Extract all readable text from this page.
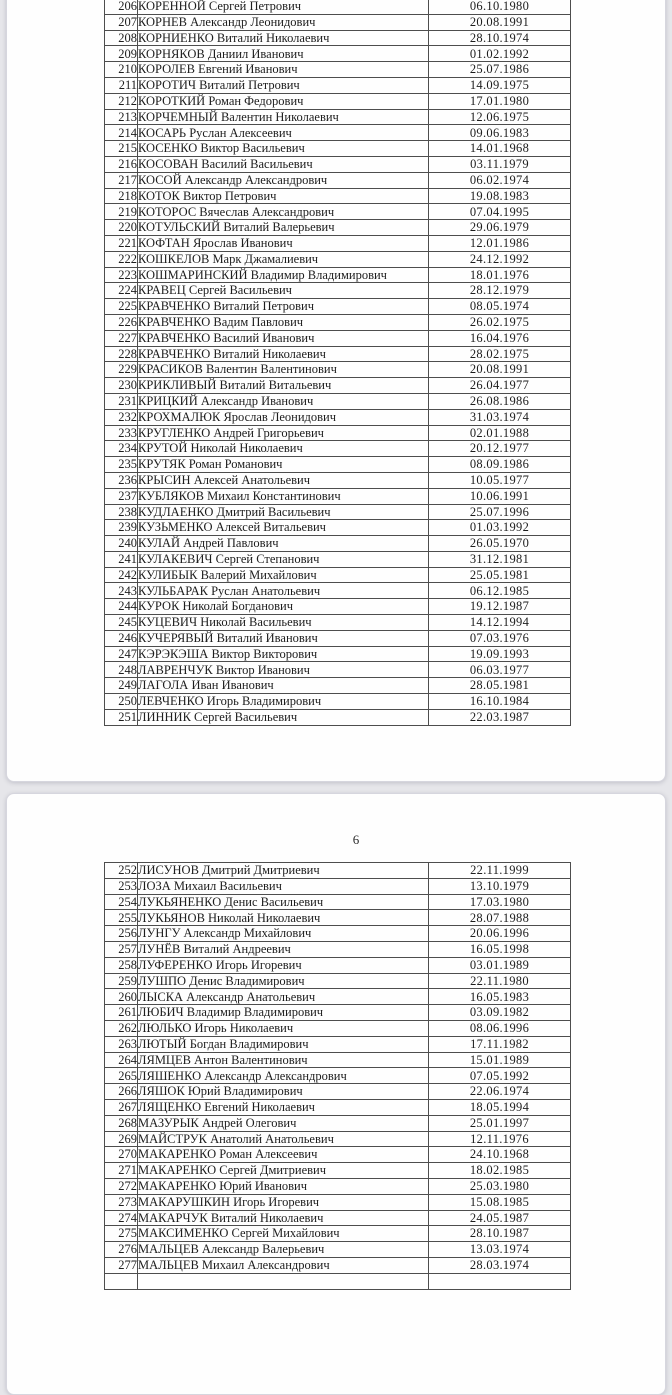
206	КОРЕННОЙ Сергей Петрович	06.10.1980
207	КОРНЕВ Александр Леонидович	20.08.1991
208	КОРНИЕНКО Виталий Николаевич	28.10.1974
209	КОРНЯКОВ Даниил Иванович	01.02.1992
210	КОРОЛЕВ Евгений Иванович	25.07.1986
211	КОРОТИЧ Виталий Петрович	14.09.1975
212	КОРОТКИЙ Роман Федорович	17.01.1980
213	КОРЧЕМНЫЙ Валентин Николаевич	12.06.1975
214	КОСАРЬ Руслан Алексеевич	09.06.1983
215	КОСЕНКО Виктор Васильевич	14.01.1968
216	КОСОВАН Василий Васильевич	03.11.1979
217	КОСОЙ Александр Александрович	06.02.1974
218	КОТОК Виктор Петрович	19.08.1983
219	КОТОРОС Вячеслав Александрович	07.04.1995
220	КОТУЛЬСКИЙ Виталий Валерьевич	29.06.1979
221	КОФТАН Ярослав Иванович	12.01.1986
222	КОШКЕЛОВ Марк Джамалиевич	24.12.1992
223	КОШМАРИНСКИЙ Владимир Владимирович	18.01.1976
224	КРАВЕЦ Сергей Васильевич	28.12.1979
225	КРАВЧЕНКО Виталий Петрович	08.05.1974
226	КРАВЧЕНКО Вадим Павлович	26.02.1975
227	КРАВЧЕНКО Василий Иванович	16.04.1976
228	КРАВЧЕНКО Виталий Николаевич	28.02.1975
229	КРАСИКОВ Валентин Валентинович	20.08.1991
230	КРИКЛИВЫЙ Виталий Витальевич	26.04.1977
231	КРИЦКИЙ Александр Иванович	26.08.1986
232	КРОХМАЛЮК Ярослав Леонидович	31.03.1974
233	КРУГЛЕНКО Андрей Григорьевич	02.01.1988
234	КРУТОЙ Николай Николаевич	20.12.1977
235	КРУТЯК Роман Романович	08.09.1986
236	КРЫСИН Алексей Анатольевич	10.05.1977
237	КУБЛЯКОВ Михаил Константинович	10.06.1991
238	КУДЛАЕНКО Дмитрий Васильевич	25.07.1996
239	КУЗЬМЕНКО Алексей Витальевич	01.03.1992
240	КУЛАЙ Андрей Павлович	26.05.1970
241	КУЛАКЕВИЧ Сергей Степанович	31.12.1981
242	КУЛИБЫК Валерий Михайлович	25.05.1981
243	КУЛЬБАРАК Руслан Анатольевич	06.12.1985
244	КУРОК Николай Богданович	19.12.1987
245	КУЦЕВИЧ Николай Васильевич	14.12.1994
246	КУЧЕРЯВЫЙ Виталий Иванович	07.03.1976
247	КЭРЭКЭША Виктор Викторович	19.09.1993
248	ЛАВРЕНЧУК Виктор Иванович	06.03.1977
249	ЛАГОЛА Иван Иванович	28.05.1981
250	ЛЕВЧЕНКО Игорь Владимирович	16.10.1984
251	ЛИННИК Сергей Васильевич	22.03.1987
6
252	ЛИСУНОВ Дмитрий Дмитриевич	22.11.1999
253	ЛОЗА Михаил Васильевич	13.10.1979
254	ЛУКЬЯНЕНКО Денис Васильевич	17.03.1980
255	ЛУКЬЯНОВ Николай Николаевич	28.07.1988
256	ЛУНГУ Александр Михайлович	20.06.1996
257	ЛУНЁВ Виталий Андреевич	16.05.1998
258	ЛУФЕРЕНКО Игорь Игоревич	03.01.1989
259	ЛУШПО Денис Владимирович	22.11.1980
260	ЛЫСКА Александр Анатольевич	16.05.1983
261	ЛЮБИЧ Владимир Владимирович	03.09.1982
262	ЛЮЛЬКО Игорь Николаевич	08.06.1996
263	ЛЮТЫЙ Богдан Владимирович	17.11.1982
264	ЛЯМЦЕВ Антон Валентинович	15.01.1989
265	ЛЯШЕНКО Александр Александрович	07.05.1992
266	ЛЯШОК Юрий Владимирович	22.06.1974
267	ЛЯЩЕНКО Евгений Николаевич	18.05.1994
268	МАЗУРЫК Андрей Олегович	25.01.1997
269	МАЙСТРУК Анатолий Анатольевич	12.11.1976
270	МАКАРЕНКО Роман Алексеевич	24.10.1968
271	МАКАРЕНКО Сергей Дмитриевич	18.02.1985
272	МАКАРЕНКО Юрий Иванович	25.03.1980
273	МАКАРУШКИН Игорь Игоревич	15.08.1985
274	МАКАРЧУК Виталий Николаевич	24.05.1987
275	МАКСИМЕНКО Сергей Михайлович	28.10.1987
276	МАЛЬЦЕВ Александр Валерьевич	13.03.1974
277	МАЛЬЦЕВ Михаил Александрович	28.03.1974
